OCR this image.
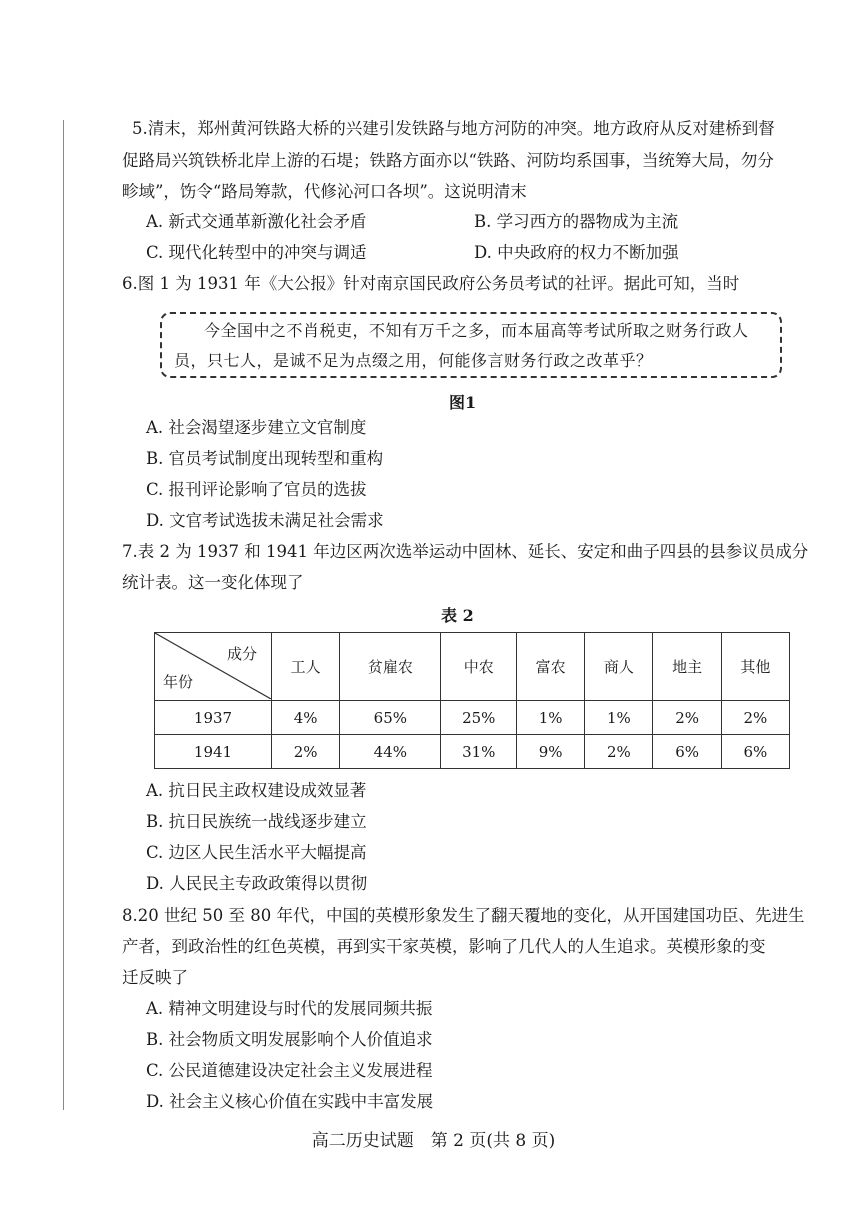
5.清末，郑州黄河铁路大桥的兴建引发铁路与地方河防的冲突。地方政府从反对建桥到督
促路局兴筑铁桥北岸上游的石堤；铁路方面亦以“铁路、河防均系国事，当统筹大局，勿分
畛域”，饬令“路局筹款，代修沁河口各坝”。这说明清末
A. 新式交通革新激化社会矛盾	B. 学习西方的器物成为主流
C. 现代化转型中的冲突与调适	D. 中央政府的权力不断加强
6.图 1 为 1931 年《大公报》针对南京国民政府公务员考试的社评。据此可知，当时
今全国中之不肖税吏，不知有万千之多，而本届高等考试所取之财务行政人
员，只七人，是诚不足为点缀之用，何能侈言财务行政之改革乎？
图1
A. 社会渴望逐步建立文官制度
B. 官员考试制度出现转型和重构
C. 报刊评论影响了官员的选拔
D. 文官考试选拔未满足社会需求
7.表 2 为 1937 和 1941 年边区两次选举运动中固林、延长、安定和曲子四县的县参议员成分
统计表。这一变化体现了
表 2
成分
年份	工人	贫雇农	中农	富农	商人	地主	其他
1937	4%	65%	25%	1%	1%	2%	2%
1941	2%	44%	31%	9%	2%	6%	6%
A. 抗日民主政权建设成效显著
B. 抗日民族统一战线逐步建立
C. 边区人民生活水平大幅提高
D. 人民民主专政政策得以贯彻
8.20 世纪 50 至 80 年代，中国的英模形象发生了翻天覆地的变化，从开国建国功臣、先进生
产者，到政治性的红色英模，再到实干家英模，影响了几代人的人生追求。英模形象的变
迁反映了
A. 精神文明建设与时代的发展同频共振
B. 社会物质文明发展影响个人价值追求
C. 公民道德建设决定社会主义发展进程
D. 社会主义核心价值在实践中丰富发展
高二历史试题　第 2 页(共 8 页)
